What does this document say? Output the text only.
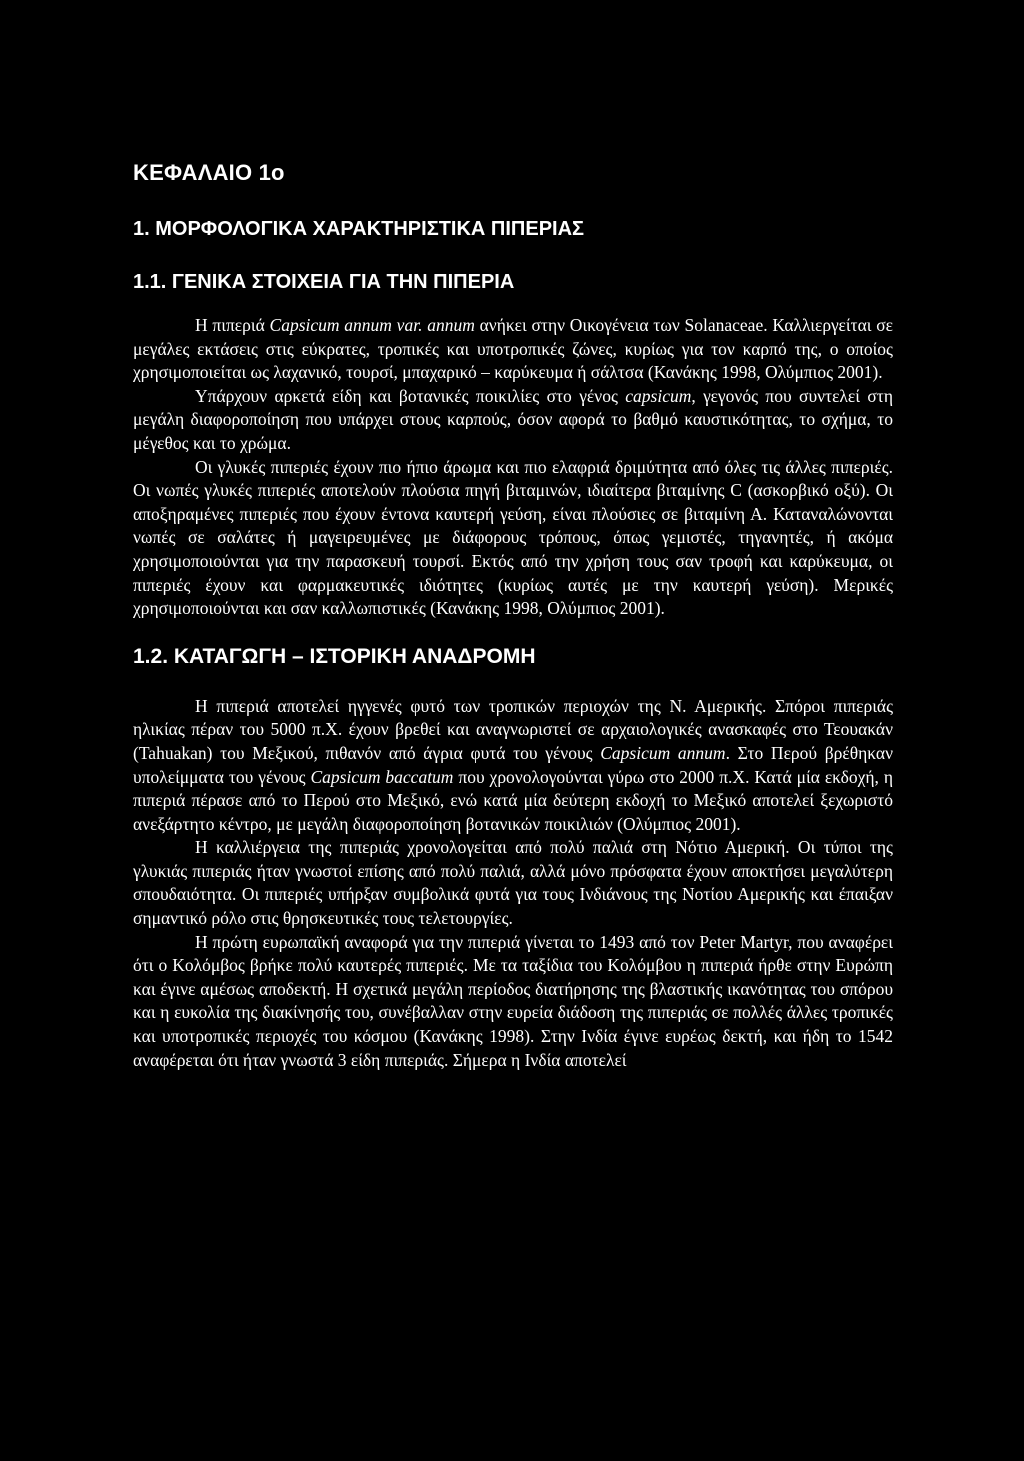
ΚΕΦΑΛΑΙΟ 1ο
1. ΜΟΡΦΟΛΟΓΙΚΑ ΧΑΡΑΚΤΗΡΙΣΤΙΚΑ ΠΙΠΕΡΙΑΣ
1.1. ΓΕΝΙΚΑ ΣΤΟΙΧΕΙΑ ΓΙΑ ΤΗΝ ΠΙΠΕΡΙΑ

Η πιπεριά Capsicum annum var. annum ανήκει στην Οικογένεια των Solanaceae. Καλλιεργείται σε μεγάλες εκτάσεις στις εύκρατες, τροπικές και υποτροπικές ζώνες, κυρίως για τον καρπό της, ο οποίος χρησιμοποιείται ως λαχανικό, τουρσί, μπαχαρικό – καρύκευμα ή σάλτσα (Κανάκης 1998, Ολύμπιος 2001).

Υπάρχουν αρκετά είδη και βοτανικές ποικιλίες στο γένος capsicum, γεγονός που συντελεί στη μεγάλη διαφοροποίηση που υπάρχει στους καρπούς, όσον αφορά το βαθμό καυστικότητας, το σχήμα, το μέγεθος και το χρώμα.

Οι γλυκές πιπεριές έχουν πιο ήπιο άρωμα και πιο ελαφριά δριμύτητα από όλες τις άλλες πιπεριές. Οι νωπές γλυκές πιπεριές αποτελούν πλούσια πηγή βιταμινών, ιδιαίτερα βιταμίνης C (ασκορβικό οξύ). Οι αποξηραμένες πιπεριές που έχουν έντονα καυτερή γεύση, είναι πλούσιες σε βιταμίνη Α. Καταναλώνονται νωπές σε σαλάτες ή μαγειρευμένες με διάφορους τρόπους, όπως γεμιστές, τηγανητές, ή ακόμα χρησιμοποιούνται για την παρασκευή τουρσί. Εκτός από την χρήση τους σαν τροφή και καρύκευμα, οι πιπεριές έχουν και φαρμακευτικές ιδιότητες (κυρίως αυτές με την καυτερή γεύση). Μερικές χρησιμοποιούνται και σαν καλλωπιστικές (Κανάκης 1998, Ολύμπιος 2001).

1.2. ΚΑΤΑΓΩΓΗ – ΙΣΤΟΡΙΚΗ ΑΝΑΔΡΟΜΗ

Η πιπεριά αποτελεί ηγγενές φυτό των τροπικών περιοχών της Ν. Αμερικής. Σπόροι πιπεριάς ηλικίας πέραν του 5000 π.Χ. έχουν βρεθεί και αναγνωριστεί σε αρχαιολογικές ανασκαφές στο Τεουακάν (Tahuakan) του Μεξικού, πιθανόν από άγρια φυτά του γένους Capsicum annum. Στο Περού βρέθηκαν υπολείμματα του γένους Capsicum baccatum που χρονολογούνται γύρω στο 2000 π.Χ. Κατά μία εκδοχή, η πιπεριά πέρασε από το Περού στο Μεξικό, ενώ κατά μία δεύτερη εκδοχή το Μεξικό αποτελεί ξεχωριστό ανεξάρτητο κέντρο, με μεγάλη διαφοροποίηση βοτανικών ποικιλιών (Ολύμπιος 2001).

Η καλλιέργεια της πιπεριάς χρονολογείται από πολύ παλιά στη Νότιο Αμερική. Οι τύποι της γλυκιάς πιπεριάς ήταν γνωστοί επίσης από πολύ παλιά, αλλά μόνο πρόσφατα έχουν αποκτήσει μεγαλύτερη σπουδαιότητα. Οι πιπεριές υπήρξαν συμβολικά φυτά για τους Ινδιάνους της Νοτίου Αμερικής και έπαιξαν σημαντικό ρόλο στις θρησκευτικές τους τελετουργίες.

Η πρώτη ευρωπαϊκή αναφορά για την πιπεριά γίνεται το 1493 από τον Peter Martyr, που αναφέρει ότι ο Κολόμβος βρήκε πολύ καυτερές πιπεριές. Με τα ταξίδια του Κολόμβου η πιπεριά ήρθε στην Ευρώπη και έγινε αμέσως αποδεκτή. Η σχετικά μεγάλη περίοδος διατήρησης της βλαστικής ικανότητας του σπόρου και η ευκολία της διακίνησής του, συνέβαλλαν στην ευρεία διάδοση της πιπεριάς σε πολλές άλλες τροπικές και υποτροπικές περιοχές του κόσμου (Κανάκης 1998). Στην Ινδία έγινε ευρέως δεκτή, και ήδη το 1542 αναφέρεται ότι ήταν γνωστά 3 είδη πιπεριάς. Σήμερα η Ινδία αποτελεί
